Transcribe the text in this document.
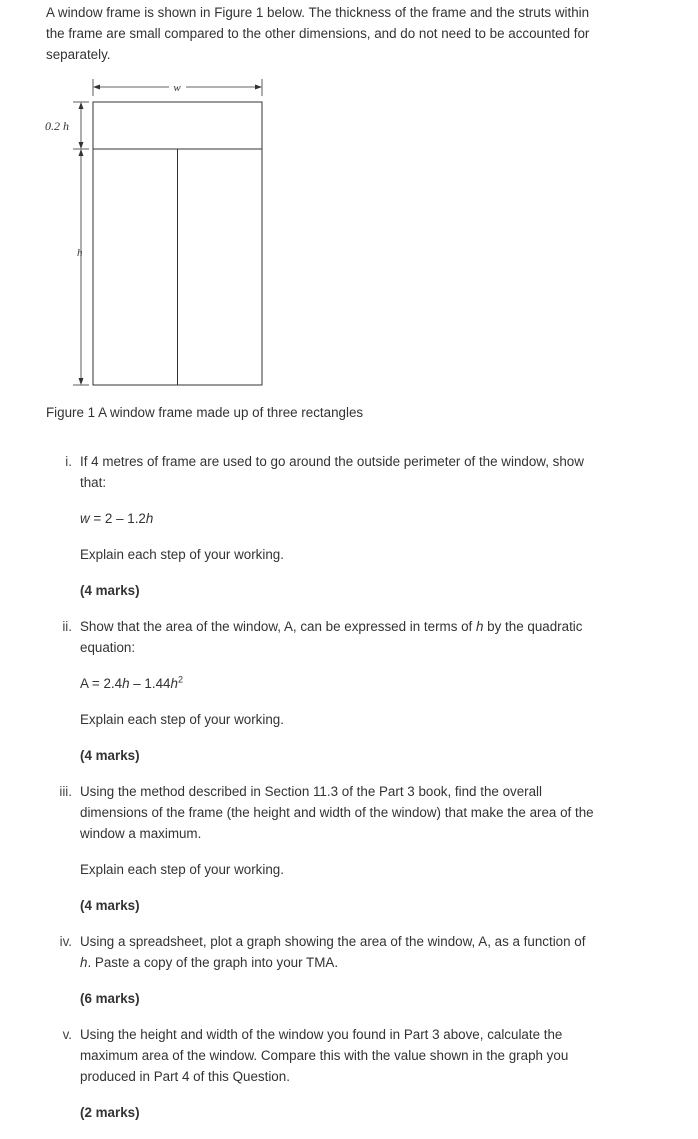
A window frame is shown in Figure 1 below. The thickness of the frame and the struts within the frame are small compared to the other dimensions, and do not need to be accounted for separately.

w
0.2 h
h

Figure 1 A window frame made up of three rectangles

i. If 4 metres of frame are used to go around the outside perimeter of the window, show that:

w = 2 – 1.2h

Explain each step of your working.

(4 marks)

ii. Show that the area of the window, A, can be expressed in terms of h by the quadratic equation:

$A = 2.4h - 1.44h^2$

Explain each step of your working.

(4 marks)

iii. Using the method described in Section 11.3 of the Part 3 book, find the overall dimensions of the frame (the height and width of the window) that make the area of the window a maximum.

Explain each step of your working.

(4 marks)

iv. Using a spreadsheet, plot a graph showing the area of the window, A, as a function of h. Paste a copy of the graph into your TMA.

(6 marks)

v. Using the height and width of the window you found in Part 3 above, calculate the maximum area of the window. Compare this with the value shown in the graph you produced in Part 4 of this Question.

(2 marks)
